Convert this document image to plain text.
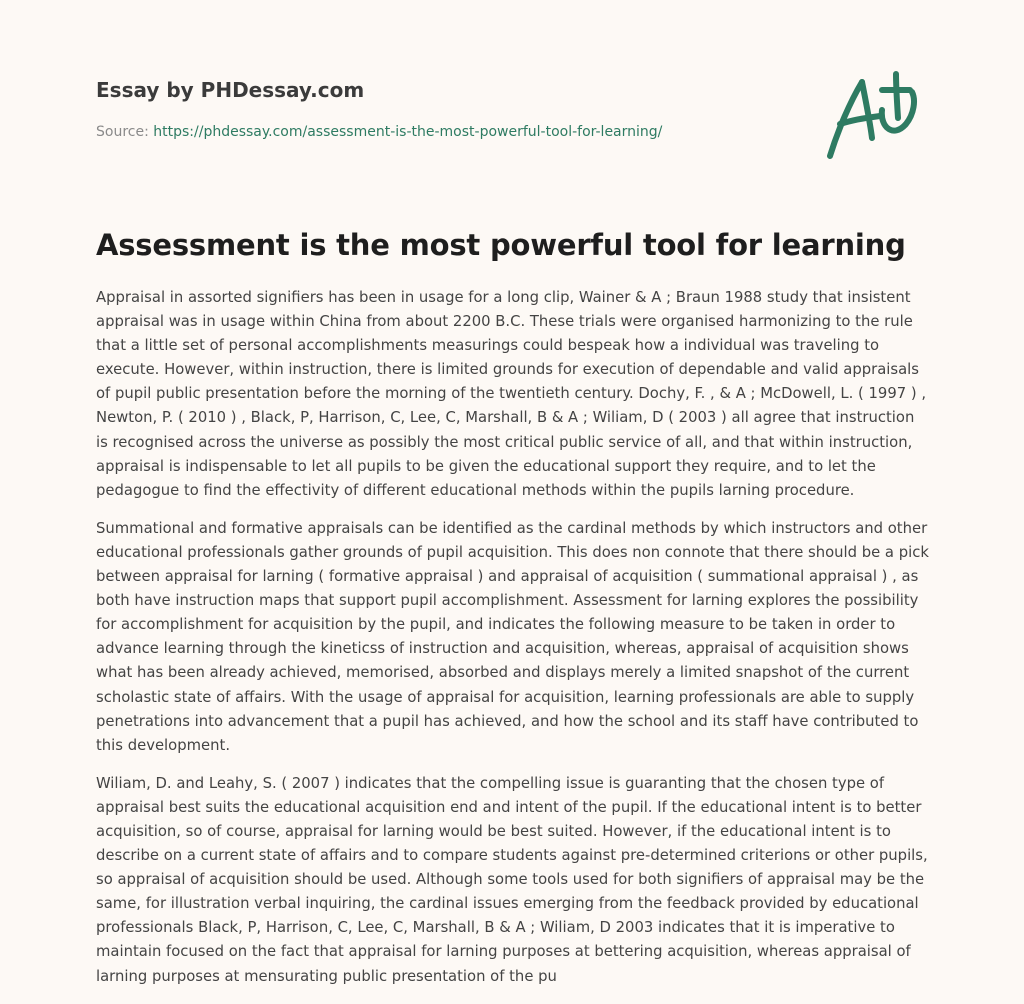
Essay by PHDessay.com
Source: https://phdessay.com/assessment-is-the-most-powerful-tool-for-learning/
Assessment is the most powerful tool for learning

Appraisal in assorted signifiers has been in usage for a long clip, Wainer & A ; Braun 1988 study that insistent appraisal was in usage within China from about 2200 B.C. These trials were organised harmonizing to the rule that a little set of personal accomplishments measurings could bespeak how a individual was traveling to execute. However, within instruction, there is limited grounds for execution of dependable and valid appraisals of pupil public presentation before the morning of the twentieth century. Dochy, F. , & A ; McDowell, L. ( 1997 ) , Newton, P. ( 2010 ) , Black, P, Harrison, C, Lee, C, Marshall, B & A ; Wiliam, D ( 2003 ) all agree that instruction is recognised across the universe as possibly the most critical public service of all, and that within instruction, appraisal is indispensable to let all pupils to be given the educational support they require, and to let the pedagogue to find the effectivity of different educational methods within the pupils larning procedure.

Summational and formative appraisals can be identified as the cardinal methods by which instructors and other educational professionals gather grounds of pupil acquisition. This does non connote that there should be a pick between appraisal for larning ( formative appraisal ) and appraisal of acquisition ( summational appraisal ) , as both have instruction maps that support pupil accomplishment. Assessment for larning explores the possibility for accomplishment for acquisition by the pupil, and indicates the following measure to be taken in order to advance learning through the kineticss of instruction and acquisition, whereas, appraisal of acquisition shows what has been already achieved, memorised, absorbed and displays merely a limited snapshot of the current scholastic state of affairs. With the usage of appraisal for acquisition, learning professionals are able to supply penetrations into advancement that a pupil has achieved, and how the school and its staff have contributed to this development.

Wiliam, D. and Leahy, S. ( 2007 ) indicates that the compelling issue is guaranting that the chosen type of appraisal best suits the educational acquisition end and intent of the pupil. If the educational intent is to better acquisition, so of course, appraisal for larning would be best suited. However, if the educational intent is to describe on a current state of affairs and to compare students against pre-determined criterions or other pupils, so appraisal of acquisition should be used. Although some tools used for both signifiers of appraisal may be the same, for illustration verbal inquiring, the cardinal issues emerging from the feedback provided by educational professionals Black, P, Harrison, C, Lee, C, Marshall, B & A ; Wiliam, D 2003 indicates that it is imperative to maintain focused on the fact that appraisal for larning purposes at bettering acquisition, whereas appraisal of larning purposes at mensurating public presentation of the pu
